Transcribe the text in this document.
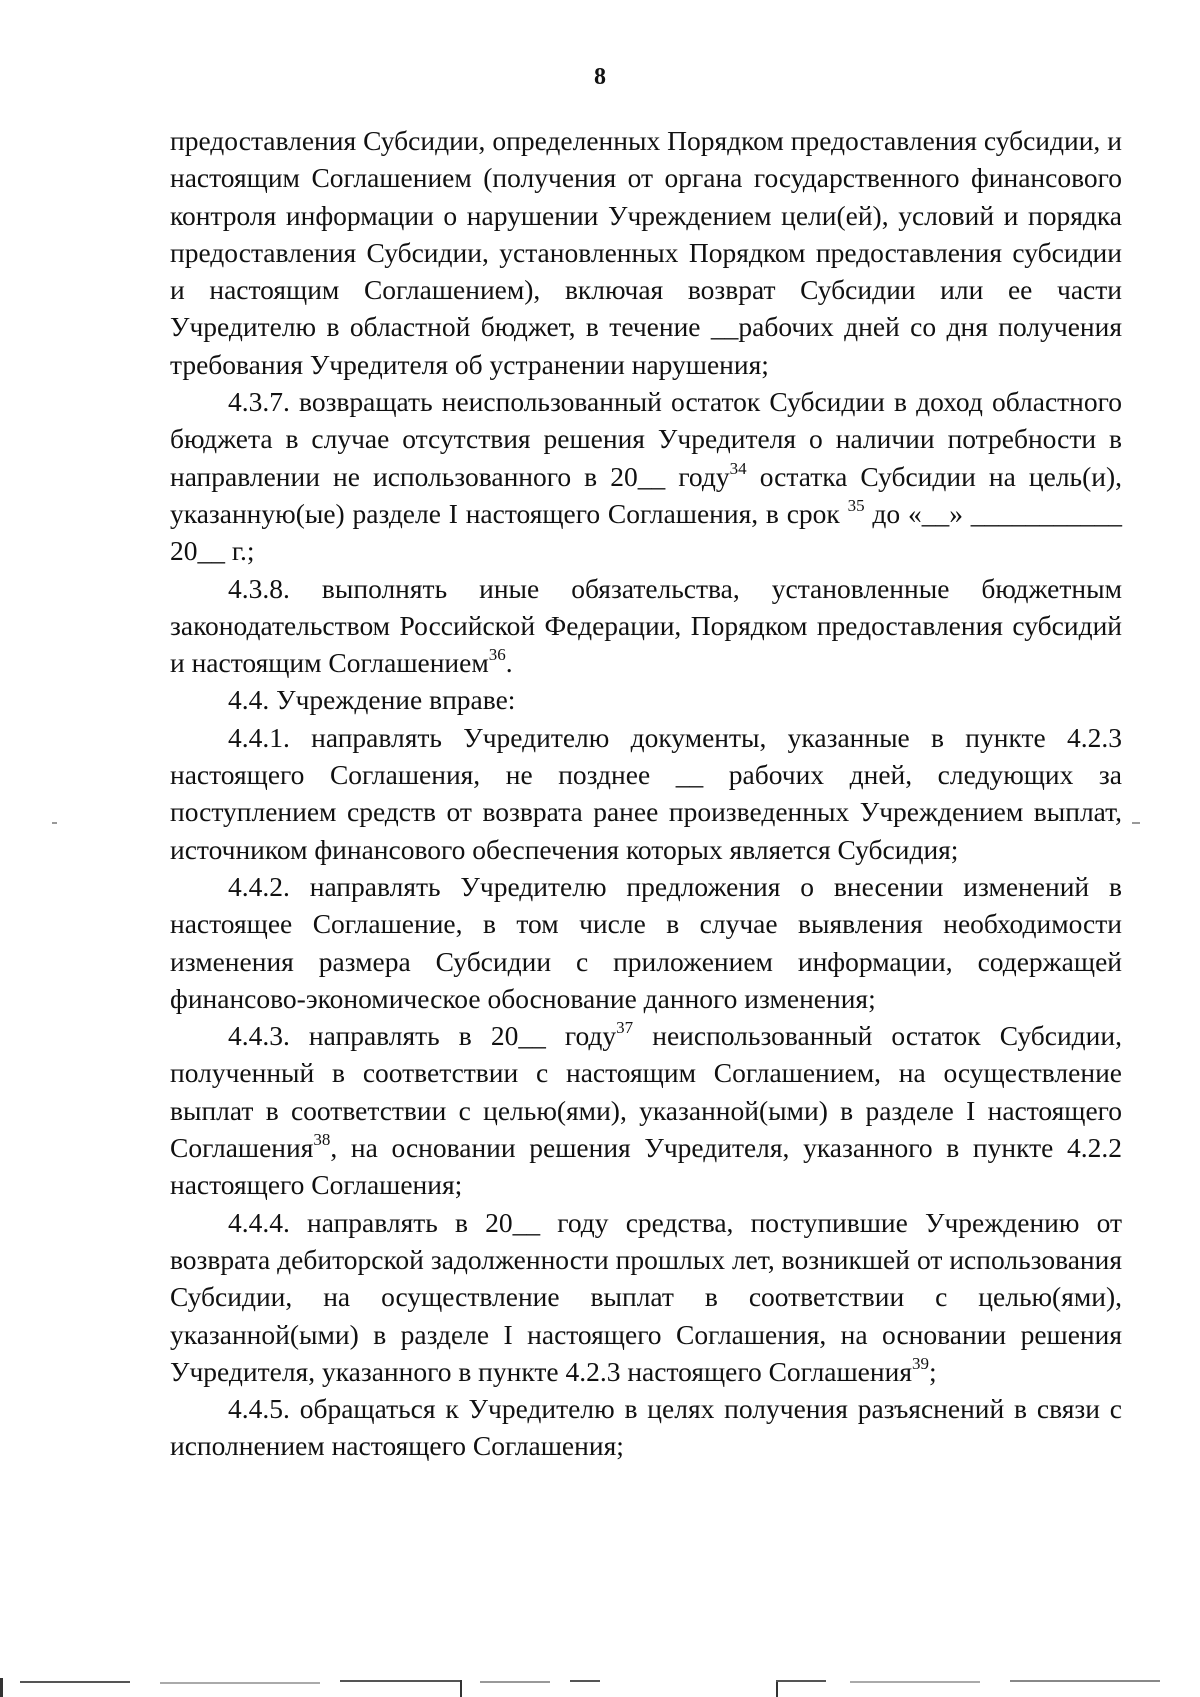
8

предоставления Субсидии, определенных Порядком предоставления субсидии, и настоящим Соглашением (получения от органа государственного финансового контроля информации о нарушении Учреждением цели(ей), условий и порядка предоставления Субсидии, установленных Порядком предоставления субсидии и настоящим Соглашением), включая возврат Субсидии или ее части Учредителю в областной бюджет, в течение __рабочих дней со дня получения требования Учредителя об устранении нарушения;

4.3.7. возвращать неиспользованный остаток Субсидии в доход областного бюджета в случае отсутствия решения Учредителя о наличии потребности в направлении не использованного в 20__ году$^{34}$ остатка Субсидии на цель(и), указанную(ые) разделе I настоящего Соглашения, в срок $^{35}$ до «__» ___________ 20__ г.;

4.3.8. выполнять иные обязательства, установленные бюджетным законодательством Российской Федерации, Порядком предоставления субсидий и настоящим Соглашением$^{36}$.

4.4. Учреждение вправе:

4.4.1. направлять Учредителю документы, указанные в пункте 4.2.3 настоящего Соглашения, не позднее __ рабочих дней, следующих за поступлением средств от возврата ранее произведенных Учреждением выплат, источником финансового обеспечения которых является Субсидия;

4.4.2. направлять Учредителю предложения о внесении изменений в настоящее Соглашение, в том числе в случае выявления необходимости изменения размера Субсидии с приложением информации, содержащей финансово-экономическое обоснование данного изменения;

4.4.3. направлять в 20__ году$^{37}$ неиспользованный остаток Субсидии, полученный в соответствии с настоящим Соглашением, на осуществление выплат в соответствии с целью(ями), указанной(ыми) в разделе I настоящего Соглашения$^{38}$, на основании решения Учредителя, указанного в пункте 4.2.2 настоящего Соглашения;

4.4.4. направлять в 20__ году средства, поступившие Учреждению от возврата дебиторской задолженности прошлых лет, возникшей от использования Субсидии, на осуществление выплат в соответствии с целью(ями), указанной(ыми) в разделе I настоящего Соглашения, на основании решения Учредителя, указанного в пункте 4.2.3 настоящего Соглашения$^{39}$;

4.4.5. обращаться к Учредителю в целях получения разъяснений в связи с исполнением настоящего Соглашения;
